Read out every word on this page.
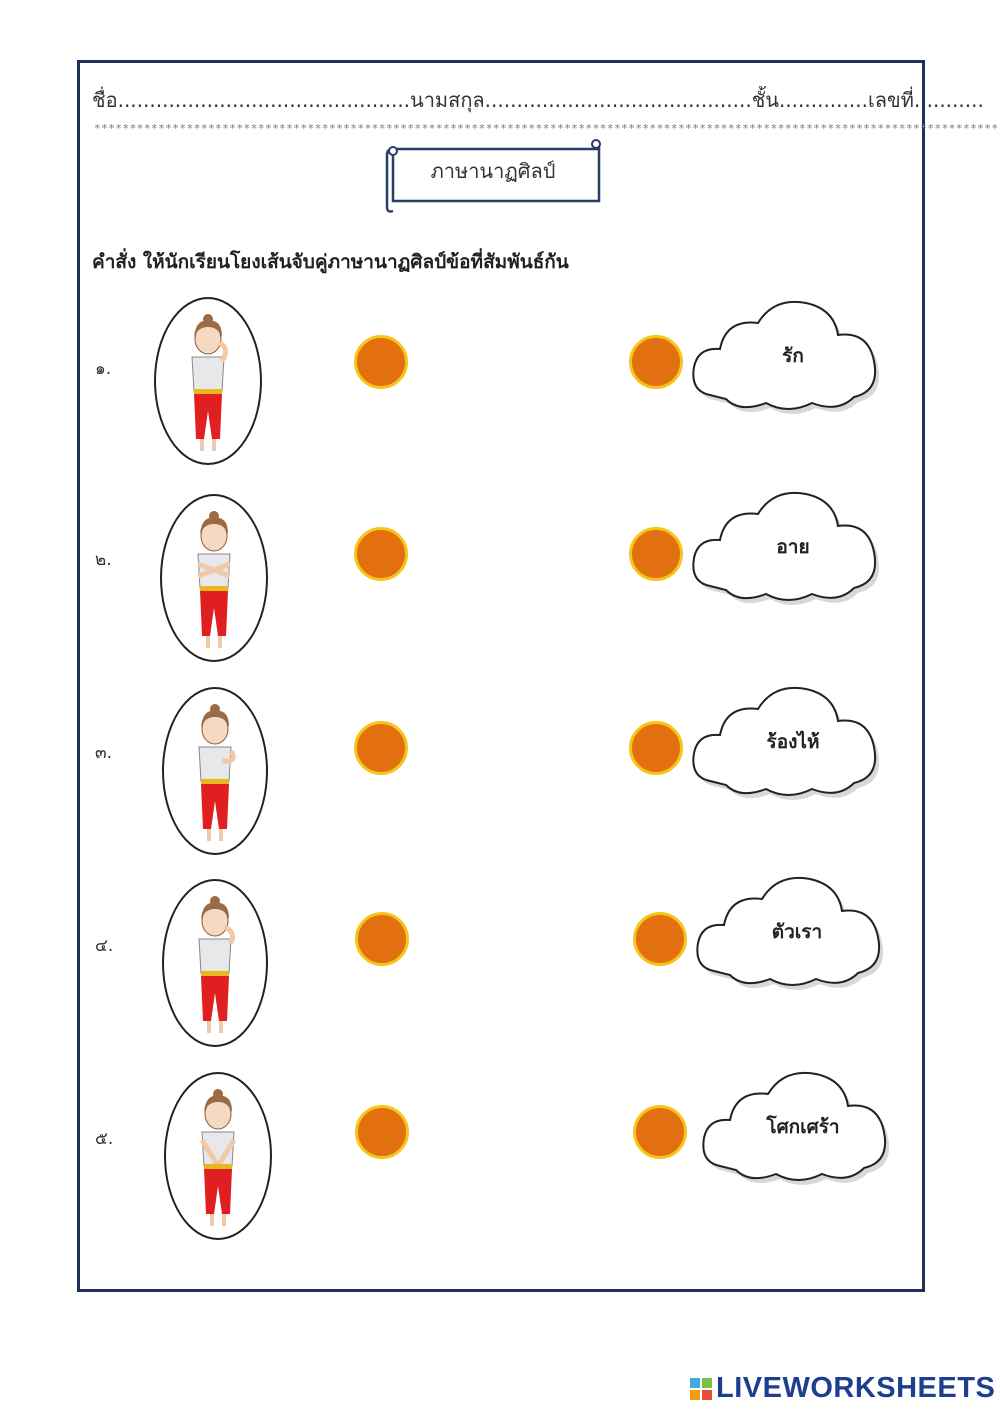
ชื่อ..............................................นามสกุล..........................................ชั้น..............เลขที่...........
*******************************************************************************************************************************
ภาษานาฏศิลป์
คำสั่ง ให้นักเรียนโยงเส้นจับคู่ภาษานาฏศิลป์ข้อที่สัมพันธ์กัน
๑.
รัก
๒.
อาย
๓.	ร้องไห้
๔.
ตัวเรา
๕.
โศกเศร้า
LIVEWORKSHEETS
